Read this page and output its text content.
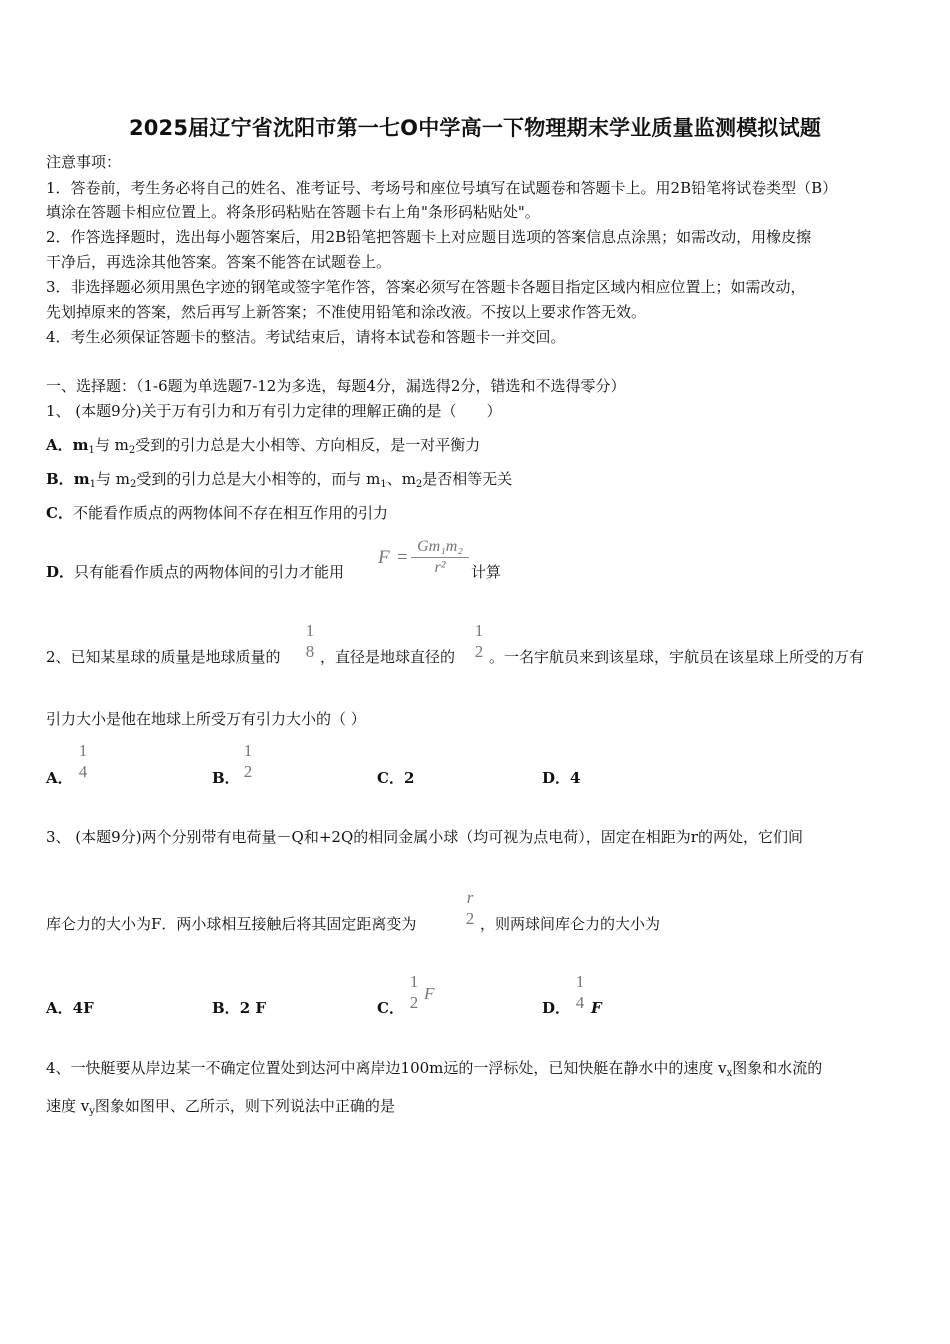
2025届辽宁省沈阳市第一七O中学高一下物理期末学业质量监测模拟试题
注意事项：
1．答卷前，考生务必将自己的姓名、准考证号、考场号和座位号填写在试题卷和答题卡上。用2B铅笔将试卷类型（B）
填涂在答题卡相应位置上。将条形码粘贴在答题卡右上角"条形码粘贴处"。
2．作答选择题时，选出每小题答案后，用2B铅笔把答题卡上对应题目选项的答案信息点涂黑；如需改动，用橡皮擦
干净后，再选涂其他答案。答案不能答在试题卷上。
3．非选择题必须用黑色字迹的钢笔或签字笔作答，答案必须写在答题卡各题目指定区域内相应位置上；如需改动，
先划掉原来的答案，然后再写上新答案；不准使用铅笔和涂改液。不按以上要求作答无效。
4．考生必须保证答题卡的整洁。考试结束后，请将本试卷和答题卡一并交回。
一、选择题：（1-6题为单选题7-12为多选，每题4分，漏选得2分，错选和不选得零分）
1、 (本题9分)关于万有引力和万有引力定律的理解正确的是（　　）
A．$m_1$与 $m_2$受到的引力总是大小相等、方向相反，是一对平衡力
B．$m_1$与 $m_2$受到的引力总是大小相等的，而与 $m_1$、$m_2$是否相等无关
C．不能看作质点的两物体间不存在相互作用的引力
D．只有能看作质点的两物体间的引力才能用
F =
Gm₁m₂
r²	计算
2、已知某星球的质量是地球质量的
1
8 ，直径是地球直径的
1
2 。一名宇航员来到该星球，宇航员在该星球上所受的万有
引力大小是他在地球上所受万有引力大小的（ ）
A．
1
4	B．
1
2	C．2	D．4
3、 (本题9分)两个分别带有电荷量－Q和+2Q的相同金属小球（均可视为点电荷），固定在相距为r的两处，它们间
库仑力的大小为F．两小球相互接触后将其固定距离变为
r
2 ，则两球间库仑力的大小为
A．4F	B．2 F	C．
1
2 F
D．
1
4 F
4、一快艇要从岸边某一不确定位置处到达河中离岸边100m远的一浮标处，已知快艇在静水中的速度 $v_x$图象和水流的
速度 $v_y$图象如图甲、乙所示，则下列说法中正确的是
